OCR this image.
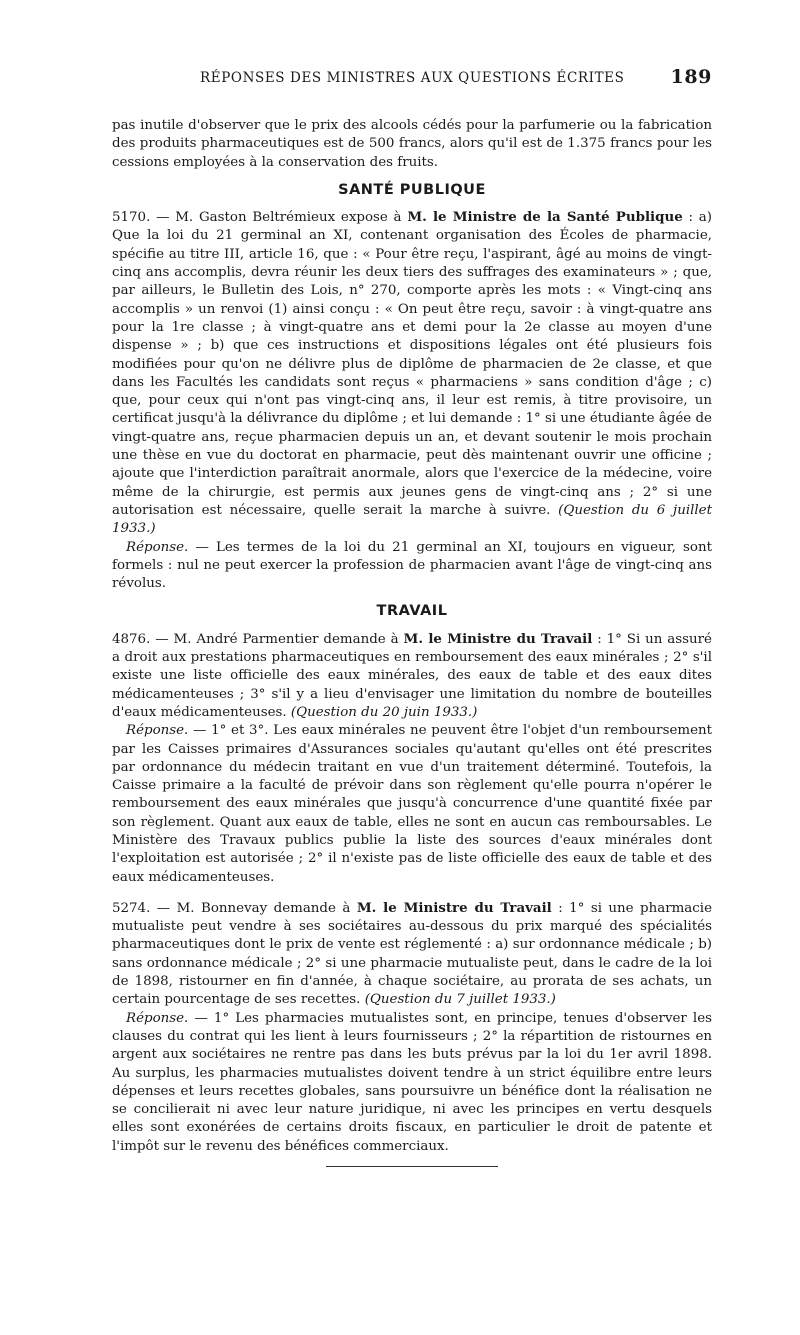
RÉPONSES DES MINISTRES AUX QUESTIONS ÉCRITES 189

pas inutile d'observer que le prix des alcools cédés pour la parfumerie ou la fabrication des produits pharmaceutiques est de 500 francs, alors qu'il est de 1.375 francs pour les cessions employées à la conservation des fruits.

SANTÉ PUBLIQUE

5170. — M. Gaston Beltrémieux expose à M. le Ministre de la Santé Publique : a) Que la loi du 21 germinal an XI, contenant organisation des Écoles de pharmacie, spécifie au titre III, article 16, que : « Pour être reçu, l'aspirant, âgé au moins de vingt-cinq ans accomplis, devra réunir les deux tiers des suffrages des examinateurs » ; que, par ailleurs, le Bulletin des Lois, n° 270, comporte après les mots : « Vingt-cinq ans accomplis » un renvoi (1) ainsi conçu : « On peut être reçu, savoir : à vingt-quatre ans pour la 1re classe ; à vingt-quatre ans et demi pour la 2e classe au moyen d'une dispense » ; b) que ces instructions et dispositions légales ont été plusieurs fois modifiées pour qu'on ne délivre plus de diplôme de pharmacien de 2e classe, et que dans les Facultés les candidats sont reçus « pharmaciens » sans condition d'âge ; c) que, pour ceux qui n'ont pas vingt-cinq ans, il leur est remis, à titre provisoire, un certificat jusqu'à la délivrance du diplôme ; et lui demande : 1° si une étudiante âgée de vingt-quatre ans, reçue pharmacien depuis un an, et devant soutenir le mois prochain une thèse en vue du doctorat en pharmacie, peut dès maintenant ouvrir une officine ; ajoute que l'interdiction paraîtrait anormale, alors que l'exercice de la médecine, voire même de la chirurgie, est permis aux jeunes gens de vingt-cinq ans ; 2° si une autorisation est nécessaire, quelle serait la marche à suivre. (Question du 6 juillet 1933.)

Réponse. — Les termes de la loi du 21 germinal an XI, toujours en vigueur, sont formels : nul ne peut exercer la profession de pharmacien avant l'âge de vingt-cinq ans révolus.

TRAVAIL

4876. — M. André Parmentier demande à M. le Ministre du Travail : 1° Si un assuré a droit aux prestations pharmaceutiques en remboursement des eaux minérales ; 2° s'il existe une liste officielle des eaux minérales, des eaux de table et des eaux dites médicamenteuses ; 3° s'il y a lieu d'envisager une limitation du nombre de bouteilles d'eaux médicamenteuses. (Question du 20 juin 1933.)

Réponse. — 1° et 3°. Les eaux minérales ne peuvent être l'objet d'un remboursement par les Caisses primaires d'Assurances sociales qu'autant qu'elles ont été prescrites par ordonnance du médecin traitant en vue d'un traitement déterminé. Toutefois, la Caisse primaire a la faculté de prévoir dans son règlement qu'elle pourra n'opérer le remboursement des eaux minérales que jusqu'à concurrence d'une quantité fixée par son règlement. Quant aux eaux de table, elles ne sont en aucun cas remboursables. Le Ministère des Travaux publics publie la liste des sources d'eaux minérales dont l'exploitation est autorisée ; 2° il n'existe pas de liste officielle des eaux de table et des eaux médicamenteuses.

5274. — M. Bonnevay demande à M. le Ministre du Travail : 1° si une pharmacie mutualiste peut vendre à ses sociétaires au-dessous du prix marqué des spécialités pharmaceutiques dont le prix de vente est réglementé : a) sur ordonnance médicale ; b) sans ordonnance médicale ; 2° si une pharmacie mutualiste peut, dans le cadre de la loi de 1898, ristourner en fin d'année, à chaque sociétaire, au prorata de ses achats, un certain pourcentage de ses recettes. (Question du 7 juillet 1933.)

Réponse. — 1° Les pharmacies mutualistes sont, en principe, tenues d'observer les clauses du contrat qui les lient à leurs fournisseurs ; 2° la répartition de ristournes en argent aux sociétaires ne rentre pas dans les buts prévus par la loi du 1er avril 1898. Au surplus, les pharmacies mutualistes doivent tendre à un strict équilibre entre leurs dépenses et leurs recettes globales, sans poursuivre un bénéfice dont la réalisation ne se concilierait ni avec leur nature juridique, ni avec les principes en vertu desquels elles sont exonérées de certains droits fiscaux, en particulier le droit de patente et l'impôt sur le revenu des bénéfices commerciaux.
